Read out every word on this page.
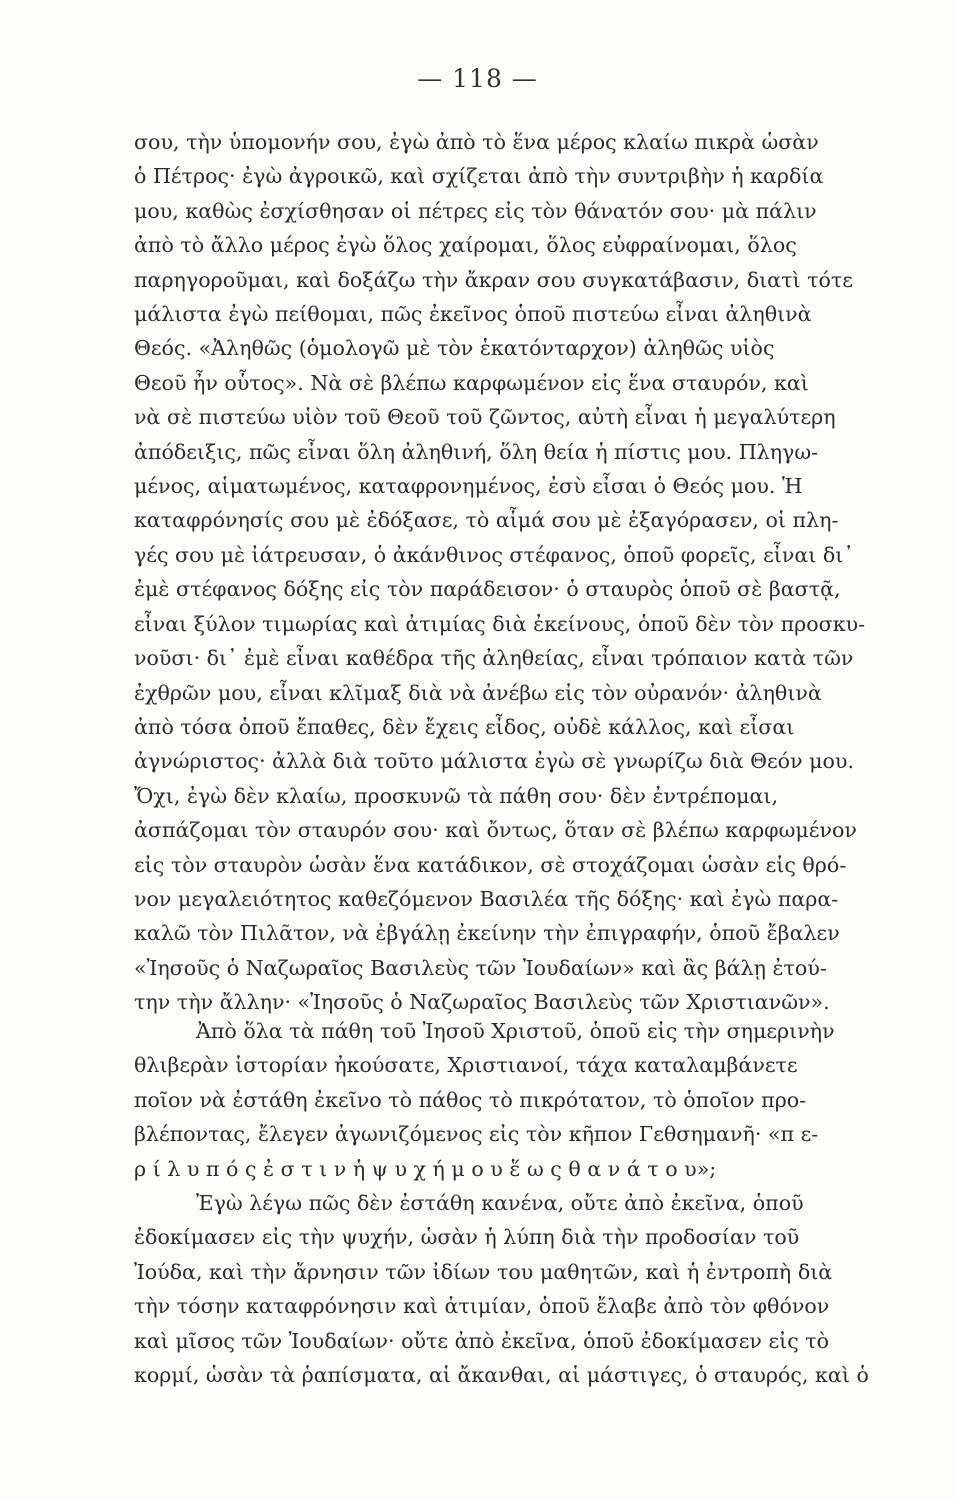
— 118 —
σου, τὴν ὑπομονήν σου, ἐγὼ ἀπὸ τὸ ἕνα μέρος κλαίω πικρὰ ὡσὰν
ὁ Πέτρος· ἐγὼ ἀγροικῶ, καὶ σχίζεται ἀπὸ τὴν συντριβὴν ἡ καρδία
μου, καθὼς ἐσχίσθησαν οἱ πέτρες εἰς τὸν θάνατόν σου· μὰ πάλιν
ἀπὸ τὸ ἄλλο μέρος ἐγὼ ὅλος χαίρομαι, ὅλος εὐφραίνομαι, ὅλος
παρηγοροῦμαι, καὶ δοξάζω τὴν ἄκραν σου συγκατάβασιν, διατὶ τότε
μάλιστα ἐγὼ πείθομαι, πῶς ἐκεῖνος ὁποῦ πιστεύω εἶναι ἀληθινὰ
Θεός. «Ἀληθῶς (ὁμολογῶ μὲ τὸν ἑκατόνταρχον) ἀληθῶς υἱὸς
Θεοῦ ἦν οὗτος». Νὰ σὲ βλέπω καρφωμένον εἰς ἕνα σταυρόν, καὶ
νὰ σὲ πιστεύω υἱὸν τοῦ Θεοῦ τοῦ ζῶντος, αὐτὴ εἶναι ἡ μεγαλύτερη
ἀπόδειξις, πῶς εἶναι ὅλη ἀληθινή, ὅλη θεία ἡ πίστις μου. Πληγω-
μένος, αἱματωμένος, καταφρονημένος, ἐσὺ εἶσαι ὁ Θεός μου. Ἡ
καταφρόνησίς σου μὲ ἐδόξασε, τὸ αἷμά σου μὲ ἐξαγόρασεν, οἱ πλη-
γές σου μὲ ἰάτρευσαν, ὁ ἀκάνθινος στέφανος, ὁποῦ φορεῖς, εἶναι δι᾽
ἐμὲ στέφανος δόξης εἰς τὸν παράδεισον· ὁ σταυρὸς ὁποῦ σὲ βαστᾷ,
εἶναι ξύλον τιμωρίας καὶ ἀτιμίας διὰ ἐκείνους, ὁποῦ δὲν τὸν προσκυ-
νοῦσι· δι᾽ ἐμὲ εἶναι καθέδρα τῆς ἀληθείας, εἶναι τρόπαιον κατὰ τῶν
ἐχθρῶν μου, εἶναι κλῖμαξ διὰ νὰ ἀνέβω εἰς τὸν οὐρανόν· ἀληθινὰ
ἀπὸ τόσα ὁποῦ ἔπαθες, δὲν ἔχεις εἶδος, οὐδὲ κάλλος, καὶ εἶσαι
ἀγνώριστος· ἀλλὰ διὰ τοῦτο μάλιστα ἐγὼ σὲ γνωρίζω διὰ Θεόν μου.
Ὄχι, ἐγὼ δὲν κλαίω, προσκυνῶ τὰ πάθη σου· δὲν ἐντρέπομαι,
ἀσπάζομαι τὸν σταυρόν σου· καὶ ὄντως, ὅταν σὲ βλέπω καρφωμένον
εἰς τὸν σταυρὸν ὡσὰν ἕνα κατάδικον, σὲ στοχάζομαι ὡσὰν εἰς θρό-
νον μεγαλειότητος καθεζόμενον Βασιλέα τῆς δόξης· καὶ ἐγὼ παρα-
καλῶ τὸν Πιλᾶτον, νὰ ἐβγάλῃ ἐκείνην τὴν ἐπιγραφήν, ὁποῦ ἔβαλεν
«Ἰησοῦς ὁ Ναζωραῖος Βασιλεὺς τῶν Ἰουδαίων» καὶ ἂς βάλῃ ἐτού-
την τὴν ἄλλην· «Ἰησοῦς ὁ Ναζωραῖος Βασιλεὺς τῶν Χριστιανῶν».
Ἀπὸ ὅλα τὰ πάθη τοῦ Ἰησοῦ Χριστοῦ, ὁποῦ εἰς τὴν σημερινὴν
θλιβερὰν ἱστορίαν ἠκούσατε, Χριστιανοί, τάχα καταλαμβάνετε
ποῖον νὰ ἐστάθη ἐκεῖνο τὸ πάθος τὸ πικρότατον, τὸ ὁποῖον προ-
βλέποντας, ἔλεγεν ἀγωνιζόμενος εἰς τὸν κῆπον Γεθσημανῆ· «π ε-
ρ ί λ υ π ό ς ἐ σ τ ι ν ἡ ψ υ χ ή μ ο υ ἕ ω ς θ α ν ά τ ο υ»;
Ἐγὼ λέγω πῶς δὲν ἐστάθη κανένα, οὔτε ἀπὸ ἐκεῖνα, ὁποῦ
ἐδοκίμασεν εἰς τὴν ψυχήν, ὡσὰν ἡ λύπη διὰ τὴν προδοσίαν τοῦ
Ἰούδα, καὶ τὴν ἄρνησιν τῶν ἰδίων του μαθητῶν, καὶ ἡ ἐντροπὴ διὰ
τὴν τόσην καταφρόνησιν καὶ ἀτιμίαν, ὁποῦ ἔλαβε ἀπὸ τὸν φθόνον
καὶ μῖσος τῶν Ἰουδαίων· οὔτε ἀπὸ ἐκεῖνα, ὁποῦ ἐδοκίμασεν εἰς τὸ
κορμί, ὡσὰν τὰ ῥαπίσματα, αἱ ἄκανθαι, αἱ μάστιγες, ὁ σταυρός, καὶ ὁ
